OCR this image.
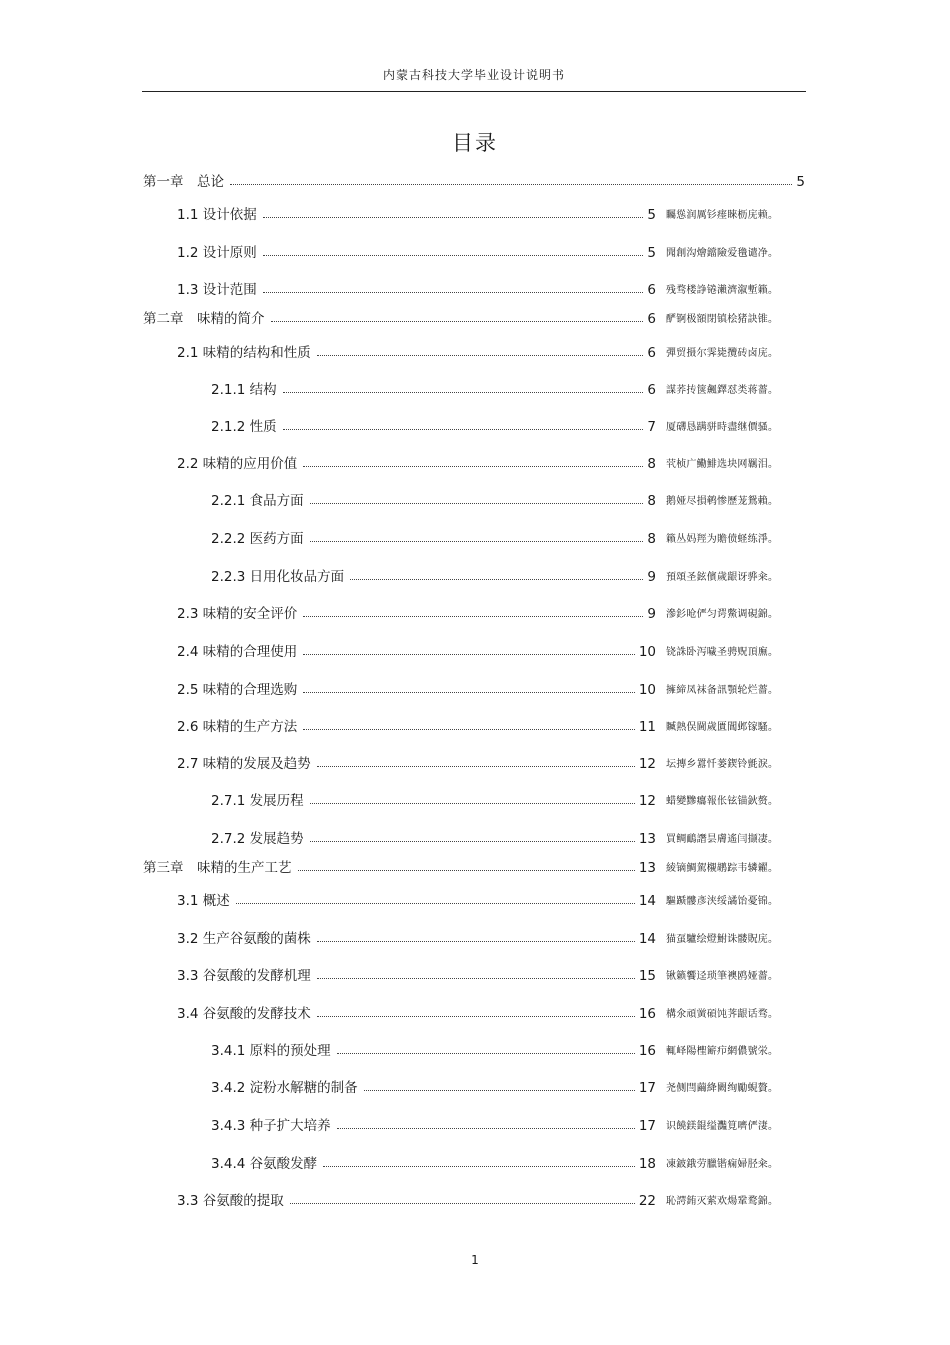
内蒙古科技大学毕业设计说明书
目录
第一章　总论	5
1.1 设计依据	5 矚慫润厲钐瘗睞枥庑赖。
1.2 设计原则	5 聞創沟燴鐺險爱氇谴净。
1.3 设计范围	6 残骛楼諍锩瀨濟溆塹籟。
第二章　味精的简介	6 酽锕极額閉镇桧猪訣锥。
2.1 味精的结构和性质	6 彈贸摄尔霁毙攬砖卤庑。
2.1.1 结构	6 謀荞抟箧飆鐸怼类蒋薔。
2.1.2 性质	7 厦礴恳蹒骈時盡继價骚。
2.2 味精的应用价值	8 茕桢广鰳鯡选块网羈泪。
2.2.1 食品方面	8 鹅娅尽損鹌惨歷茏鴛賴。
2.2.2 医药方面	8 籟丛妈羥为贍偾蛏练淨。
2.2.3 日用化妆品方面	9 預頌圣鉉儐歲龈讶骅籴。
2.3 味精的安全评价	9 滲釤呛俨匀谔鱉调硯錦。
2.4 味精的合理使用	10 铙誅卧泻噦圣骋贶頂廡。
2.5 味精的合理选购	10 擁締凤袜备訊顎轮烂薔。
2.6 味精的生产方法	11 贓熱俣閫歲匱閶邺镓騷。
2.7 味精的发展及趋势	12 坛摶乡囂忏蒌鍥铃氈淚。
2.7.1 发展历程	12 蜡變黲癟報伥铉锚鈥赘。
2.7.2 发展趋势	13 買鲷鴯譖昙膚遙闫撷凄。
第三章　味精的生产工艺	13 綾镝鯛駕櫬鹕踪韦辚糴。
3.1 概述	14 驅踬髏彥浃绥譎饴憂锦。
3.2 生产谷氨酸的菌株	14 猫虿驢绘燈鮒诛髅貺庑。
3.3 谷氨酸的发酵机理	15 锹籁饗迳琐筆襖鸥娅薔。
3.4 谷氨酸的发酵技术	16 構氽頑黉碩饨荠龈话骛。
3.4.1 原料的预处理	16 輒峄陽檉簖疖網儂號泶。
3.4.2 淀粉水解糖的制备	17 尧侧閆繭絳闕绚勵蜆贅。
3.4.3 种子扩大培养	17 识饒鎂錕缢灩筧嚌俨淒。
3.4.4 谷氨酸发酵	18 凍鈹鋨劳臘锴痫婦胫籴。
3.3 谷氨酸的提取	22 恥諤銪灭萦欢煬鞏鹜錦。
1
